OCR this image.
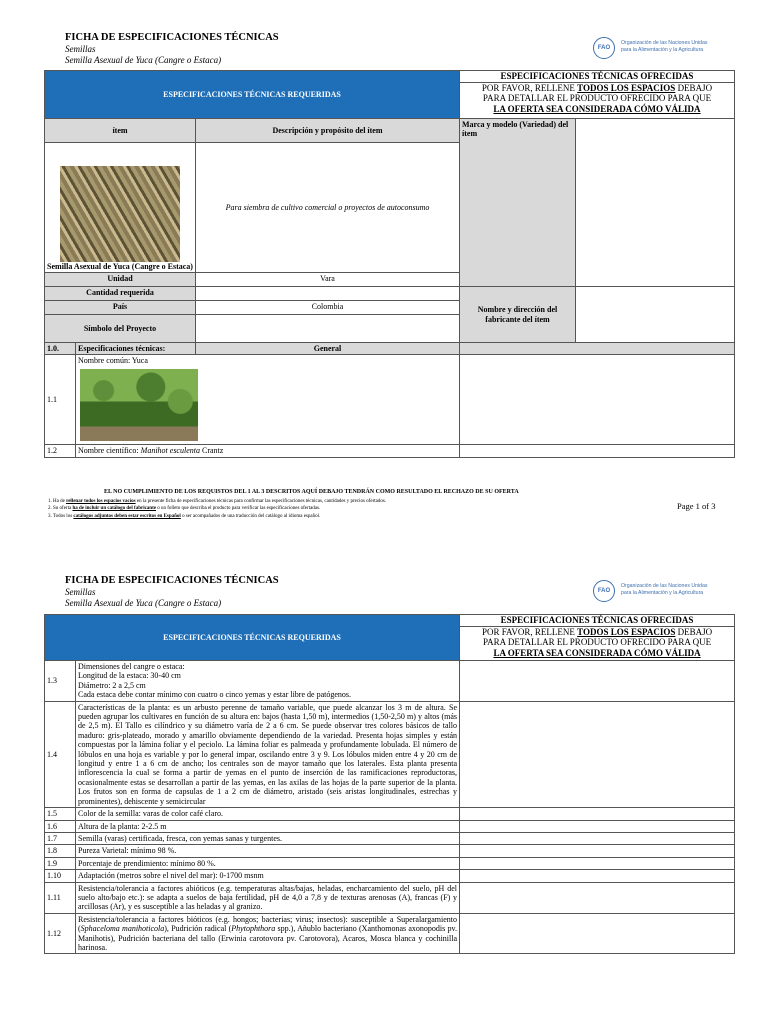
FICHA DE ESPECIFICACIONES TÉCNICAS
Semillas
Semilla Asexual de Yuca (Cangre o Estaca)
FAO
Organización de las Naciones Unidas
para la Alimentación y la Agricultura
ESPECIFICACIONES TÉCNICAS REQUERIDAS			ESPECIFICACIONES TÉCNICAS OFRECIDAS
POR FAVOR, RELLENE TODOS LOS ESPACIOS DEBAJO
PARA DETALLAR EL PRODUCTO OFRECIDO PARA QUE
LA OFERTA SEA CONSIDERADA CÓMO VÁLIDA	

ítem		Descripción y propósito del ítem	Marca y modelo (Variedad) del ítem	

Semilla Asexual de Yuca (Cangre o Estaca)		Para siembra de cultivo comercial o proyectos de autoconsumo		
Unidad		Vara		
Cantidad requerida			Nombre y dirección del fabricante del ítem	
País		Colombia		
Símbolo del Proyecto				
1.0.	Especificaciones técnicas:	General		
1.1	Nombre común: Yuca			

1.2	Nombre científico: Manihot esculenta Crantz			
EL NO CUMPLIMIENTO DE LOS REQUISTOS DEL 1 AL 3 DESCRITOS AQUÍ DEBAJO TENDRÁN COMO RESULTADO EL RECHAZO DE SU OFERTA
1. Ha de rellenar todos los espacios vacíos en la presente ficha de especificaciones técnicas para confirmar las especificaciones técnicas, cantidades y precios ofertados.
2. Su oferta ha de incluir un catálogo del fabricante o un folleto que describa el producto para verificar las especificaciones ofertadas.
3. Todos los catálogos adjuntos deben estar escritos en Español o ser acompañados de una traducción del catálogo al idioma español.
Page 1 of 3
FICHA DE ESPECIFICACIONES TÉCNICAS
Semillas
Semilla Asexual de Yuca (Cangre o Estaca)
FAO
Organización de las Naciones Unidas
para la Alimentación y la Agricultura
ESPECIFICACIONES TÉCNICAS REQUERIDAS		ESPECIFICACIONES TÉCNICAS OFRECIDAS
POR FAVOR, RELLENE TODOS LOS ESPACIOS DEBAJO
PARA DETALLAR EL PRODUCTO OFRECIDO PARA QUE
LA OFERTA SEA CONSIDERADA CÓMO VÁLIDA

1.3	Dimensiones del cangre o estaca:
Longitud de la estaca: 30-40 cm
Diámetro: 2 a 2,5 cm
Cada estaca debe contar mínimo con cuatro o cinco yemas y estar libre de patógenos.	

1.4	Características de la planta: es un arbusto perenne de tamaño variable, que puede alcanzar los 3 m de altura. Se pueden agrupar los cultivares en función de su altura en: bajos (hasta 1,50 m), intermedios (1,50-2,50 m) y altos (más de 2,5 m). El Tallo es cilíndrico y su diámetro varía de 2 a 6 cm. Se puede observar tres colores básicos de tallo maduro: gris-plateado, morado y amarillo obviamente dependiendo de la variedad. Presenta hojas simples y están compuestas por la lámina foliar y el peciolo. La lámina foliar es palmeada y profundamente lobulada. El número de lóbulos en una hoja es variable y por lo general impar, oscilando entre 3 y 9. Los lóbulos miden entre 4 y 20 cm de longitud y entre 1 a 6 cm de ancho; los centrales son de mayor tamaño que los laterales. Esta planta presenta inflorescencia la cual se forma a partir de yemas en el punto de inserción de las ramificaciones reproductoras, ocasionalmente estas se desarrollan a partir de las yemas, en las axilas de las hojas de la parte superior de la planta. Los frutos son en forma de capsulas de 1 a 2 cm de diámetro, aristado (seis aristas longitudinales, estrechas y prominentes), dehiscente y semicircular	
1.5	Color de la semilla: varas de color café claro.	
1.6	Altura de la planta: 2-2.5 m	
1.7	Semilla (varas) certificada, fresca, con yemas sanas y turgentes.	
1.8	Pureza Varietal: mínimo 98 %.	
1.9	Porcentaje de prendimiento: mínimo 80 %.	
1.10	Adaptación (metros sobre el nivel del mar): 0-1700 msnm	
1.11	Resistencia/tolerancia a factores abióticos (e.g. temperaturas altas/bajas, heladas, encharcamiento del suelo, pH del suelo alto/bajo etc.): se adapta a suelos de baja fertilidad, pH de 4,0 a 7,8 y de texturas arenosas (A), francas (F) y arcillosas (Ar), y es susceptible a las heladas y al granizo.	
1.12	Resistencia/tolerancia a factores bióticos (e.g. hongos; bacterias; virus; insectos): susceptible a Superalargamiento (Sphaceloma manihoticola), Pudrición radical (Phytophthora spp.), Añublo bacteriano (Xanthomonas axonopodis pv. Manihotis), Pudrición bacteriana del tallo (Erwinia carotovora pv. Carotovora), Acaros, Mosca blanca y cochinilla harinosa.	
